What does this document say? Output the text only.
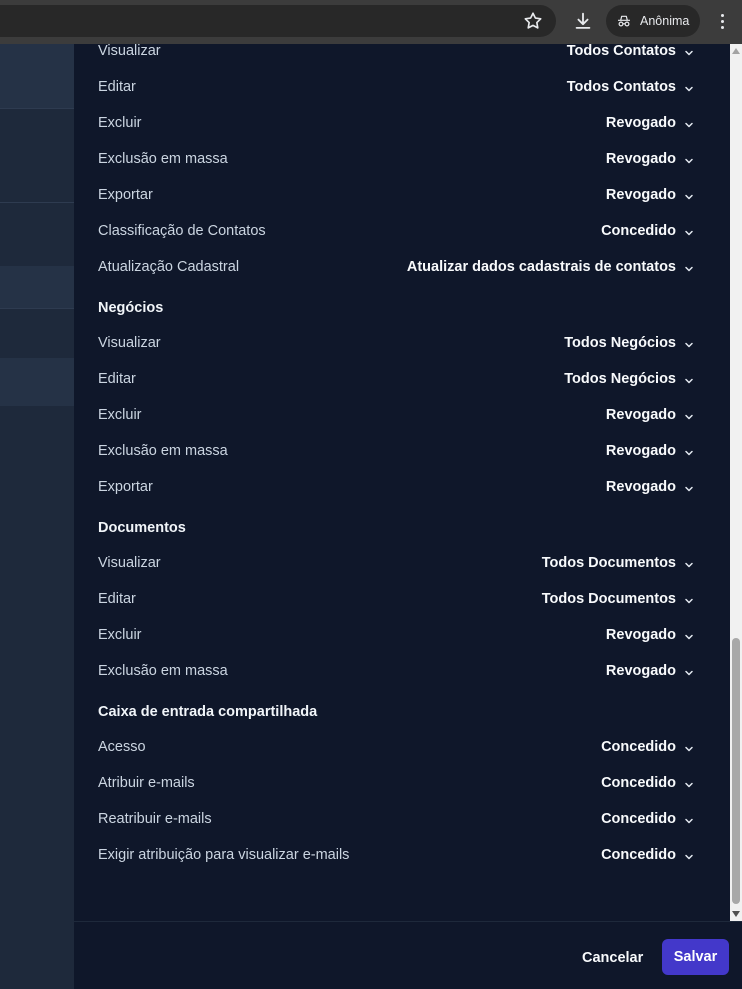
Anônima
Visualizar	Todos Contatos
Editar	Todos Contatos
Excluir	Revogado
Exclusão em massa	Revogado
Exportar	Revogado
Classificação de Contatos	Concedido
Atualização Cadastral	Atualizar dados cadastrais de contatos
Negócios
Visualizar	Todos Negócios
Editar	Todos Negócios
Excluir	Revogado
Exclusão em massa	Revogado
Exportar	Revogado
Documentos
Visualizar	Todos Documentos
Editar	Todos Documentos
Excluir	Revogado
Exclusão em massa	Revogado
Caixa de entrada compartilhada
Acesso	Concedido
Atribuir e-mails	Concedido
Reatribuir e-mails	Concedido
Exigir atribuição para visualizar e-mails	Concedido
Cancelar	Salvar
